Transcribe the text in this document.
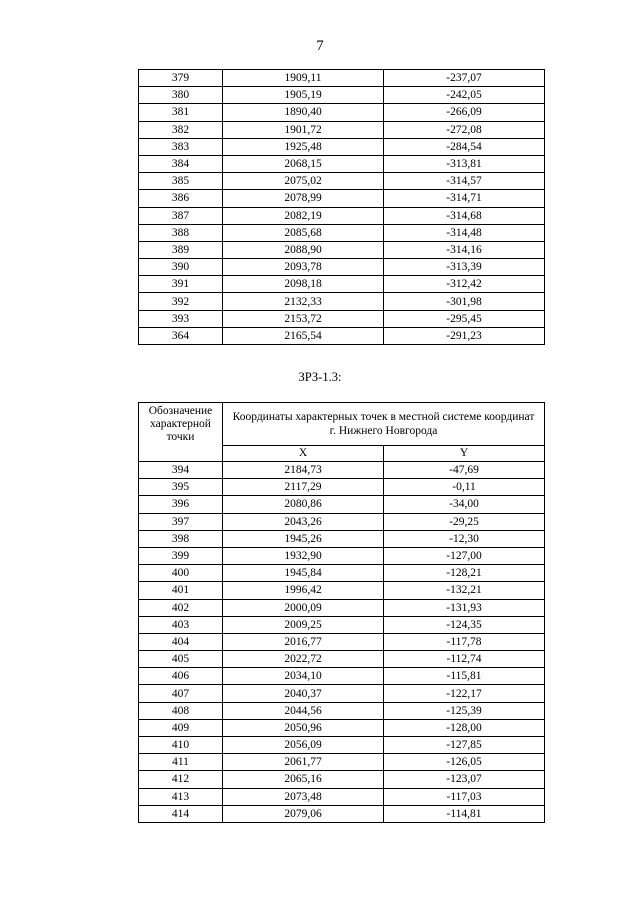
7
379	1909,11	-237,07
380	1905,19	-242,05
381	1890,40	-266,09
382	1901,72	-272,08
383	1925,48	-284,54
384	2068,15	-313,81
385	2075,02	-314,57
386	2078,99	-314,71
387	2082,19	-314,68
388	2085,68	-314,48
389	2088,90	-314,16
390	2093,78	-313,39
391	2098,18	-312,42
392	2132,33	-301,98
393	2153,72	-295,45
364	2165,54	-291,23
ЗРЗ-1.3:
Обозначение характерной точки	Координаты характерных точек в местной системе координат г. Нижнего Новгорода	
	X	Y
394	2184,73	-47,69
395	2117,29	-0,11
396	2080,86	-34,00
397	2043,26	-29,25
398	1945,26	-12,30
399	1932,90	-127,00
400	1945,84	-128,21
401	1996,42	-132,21
402	2000,09	-131,93
403	2009,25	-124,35
404	2016,77	-117,78
405	2022,72	-112,74
406	2034,10	-115,81
407	2040,37	-122,17
408	2044,56	-125,39
409	2050,96	-128,00
410	2056,09	-127,85
411	2061,77	-126,05
412	2065,16	-123,07
413	2073,48	-117,03
414	2079,06	-114,81
